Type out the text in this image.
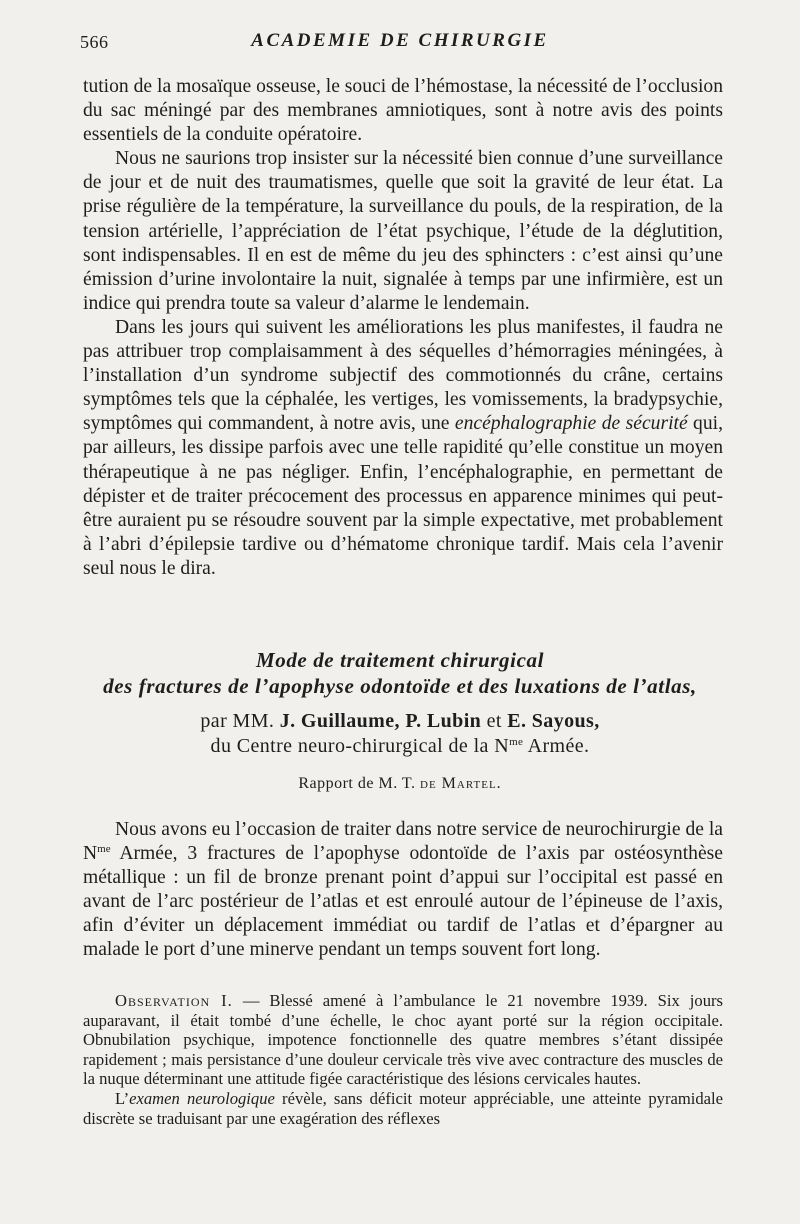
566	ACADEMIE DE CHIRURGIE

tution de la mosaïque osseuse, le souci de l’hémostase, la nécessité de l’occlusion du sac méningé par des membranes amniotiques, sont à notre avis des points essentiels de la conduite opératoire.

Nous ne saurions trop insister sur la nécessité bien connue d’une surveillance de jour et de nuit des traumatismes, quelle que soit la gravité de leur état. La prise régulière de la température, la surveillance du pouls, de la respiration, de la tension artérielle, l’appréciation de l’état psychique, l’étude de la déglutition, sont indispensables. Il en est de même du jeu des sphincters : c’est ainsi qu’une émission d’urine involontaire la nuit, signalée à temps par une infirmière, est un indice qui prendra toute sa valeur d’alarme le lendemain.

Dans les jours qui suivent les améliorations les plus manifestes, il faudra ne pas attribuer trop complaisamment à des séquelles d’hémorragies méningées, à l’installation d’un syndrome subjectif des commotionnés du crâne, certains symptômes tels que la céphalée, les vertiges, les vomissements, la bradypsychie, symptômes qui commandent, à notre avis, une encéphalographie de sécurité qui, par ailleurs, les dissipe parfois avec une telle rapidité qu’elle constitue un moyen thérapeutique à ne pas négliger. Enfin, l’encéphalographie, en permettant de dépister et de traiter précocement des processus en apparence minimes qui peut-être auraient pu se résoudre souvent par la simple expectative, met probablement à l’abri d’épilepsie tardive ou d’hématome chronique tardif. Mais cela l’avenir seul nous le dira.

Mode de traitement chirurgical
des fractures de l’apophyse odontoïde et des luxations de l’atlas,
par MM. J. Guillaume, P. Lubin et E. Sayous,
du Centre neuro-chirurgical de la $N^{me}$ Armée.
Rapport de M. T. de Martel.

Nous avons eu l’occasion de traiter dans notre service de neurochirurgie de la $N^{me}$ Armée, 3 fractures de l’apophyse odontoïde de l’axis par ostéosynthèse métallique : un fil de bronze prenant point d’appui sur l’occipital est passé en avant de l’arc postérieur de l’atlas et est enroulé autour de l’épineuse de l’axis, afin d’éviter un déplacement immédiat ou tardif de l’atlas et d’épargner au malade le port d’une minerve pendant un temps souvent fort long.

Observation I. — Blessé amené à l’ambulance le 21 novembre 1939. Six jours auparavant, il était tombé d’une échelle, le choc ayant porté sur la région occipitale. Obnubilation psychique, impotence fonctionnelle des quatre membres s’étant dissipée rapidement ; mais persistance d’une douleur cervicale très vive avec contracture des muscles de la nuque déterminant une attitude figée caractéristique des lésions cervicales hautes.

L’examen neurologique révèle, sans déficit moteur appréciable, une atteinte pyramidale discrète se traduisant par une exagération des réflexes
